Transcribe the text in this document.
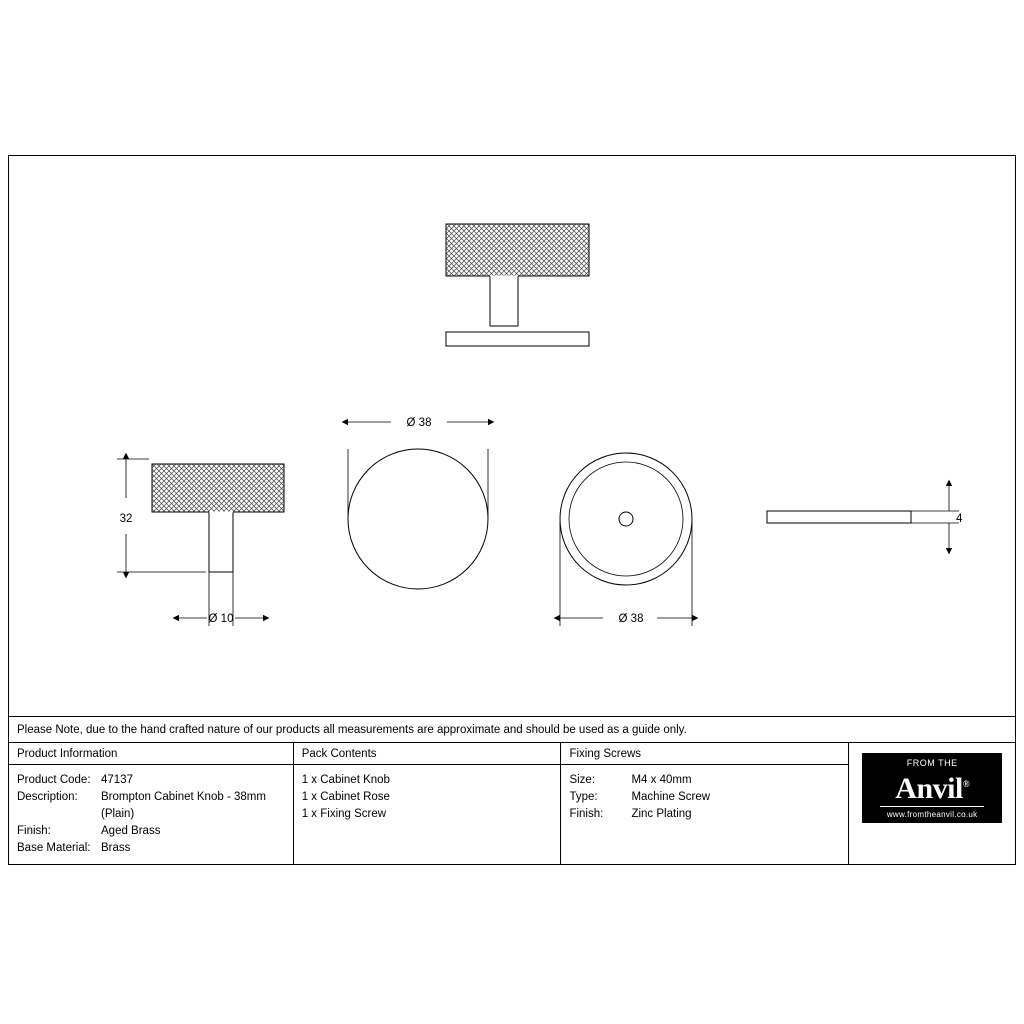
32
Ø 10
Ø 38
Ø 38
4
Please Note, due to the hand crafted nature of our products all measurements are approximate and should be used as a guide only.
Product Information
Product Code: 47137
Description:	Brompton Cabinet Knob - 38mm
(Plain)
Finish:	Aged Brass
Base Material: Brass
Pack Contents
1 x Cabinet Knob
1 x Cabinet Rose
1 x Fixing Screw
Fixing Screws
Size:	M4 x 40mm
Type:	Machine Screw
Finish:	Zinc Plating
FROM THE
Anvil®
www.fromtheanvil.co.uk
